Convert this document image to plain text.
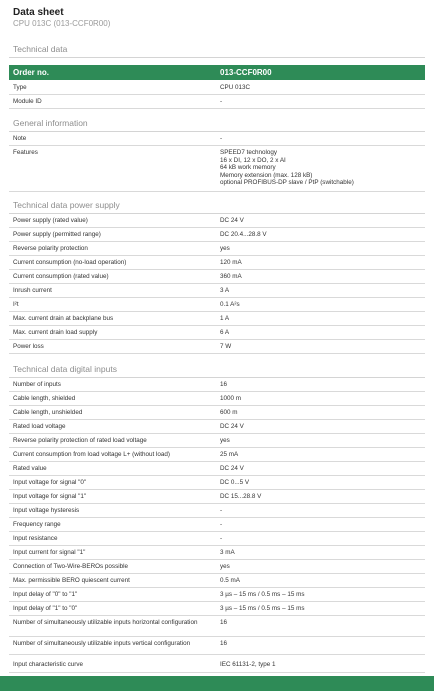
Data sheet
CPU 013C (013-CCF0R00)
Technical data
Order no.	013-CCF0R00
Type	CPU 013C
Module ID	-
General information
Note	-
Features	SPEED7 technology
16 x DI, 12 x DO, 2 x AI
64 kB work memory
Memory extension (max. 128 kB)
optional PROFIBUS-DP slave / PtP (switchable)
Technical data power supply
Power supply (rated value)	DC 24 V
Power supply (permitted range)	DC 20.4...28.8 V
Reverse polarity protection	yes
Current consumption (no-load operation)	120 mA
Current consumption (rated value)	360 mA
Inrush current	3 A
I²t	0.1 A²s
Max. current drain at backplane bus	1 A
Max. current drain load supply	6 A
Power loss	7 W
Technical data digital inputs
Number of inputs	16
Cable length, shielded	1000 m
Cable length, unshielded	600 m
Rated load voltage	DC 24 V
Reverse polarity protection of rated load voltage	yes
Current consumption from load voltage L+ (without load)	25 mA
Rated value	DC 24 V
Input voltage for signal "0"	DC 0...5 V
Input voltage for signal "1"	DC 15...28.8 V
Input voltage hysteresis	-
Frequency range	-
Input resistance	-
Input current for signal "1"	3 mA
Connection of Two-Wire-BEROs possible	yes
Max. permissible BERO quiescent current	0.5 mA
Input delay of "0" to "1"	3 µs – 15 ms / 0.5 ms – 15 ms
Input delay of "1" to "0"	3 µs – 15 ms / 0.5 ms – 15 ms
Number of simultaneously utilizable inputs horizontal configuration	16
Number of simultaneously utilizable inputs vertical configuration	16
Input characteristic curve	IEC 61131-2, type 1
